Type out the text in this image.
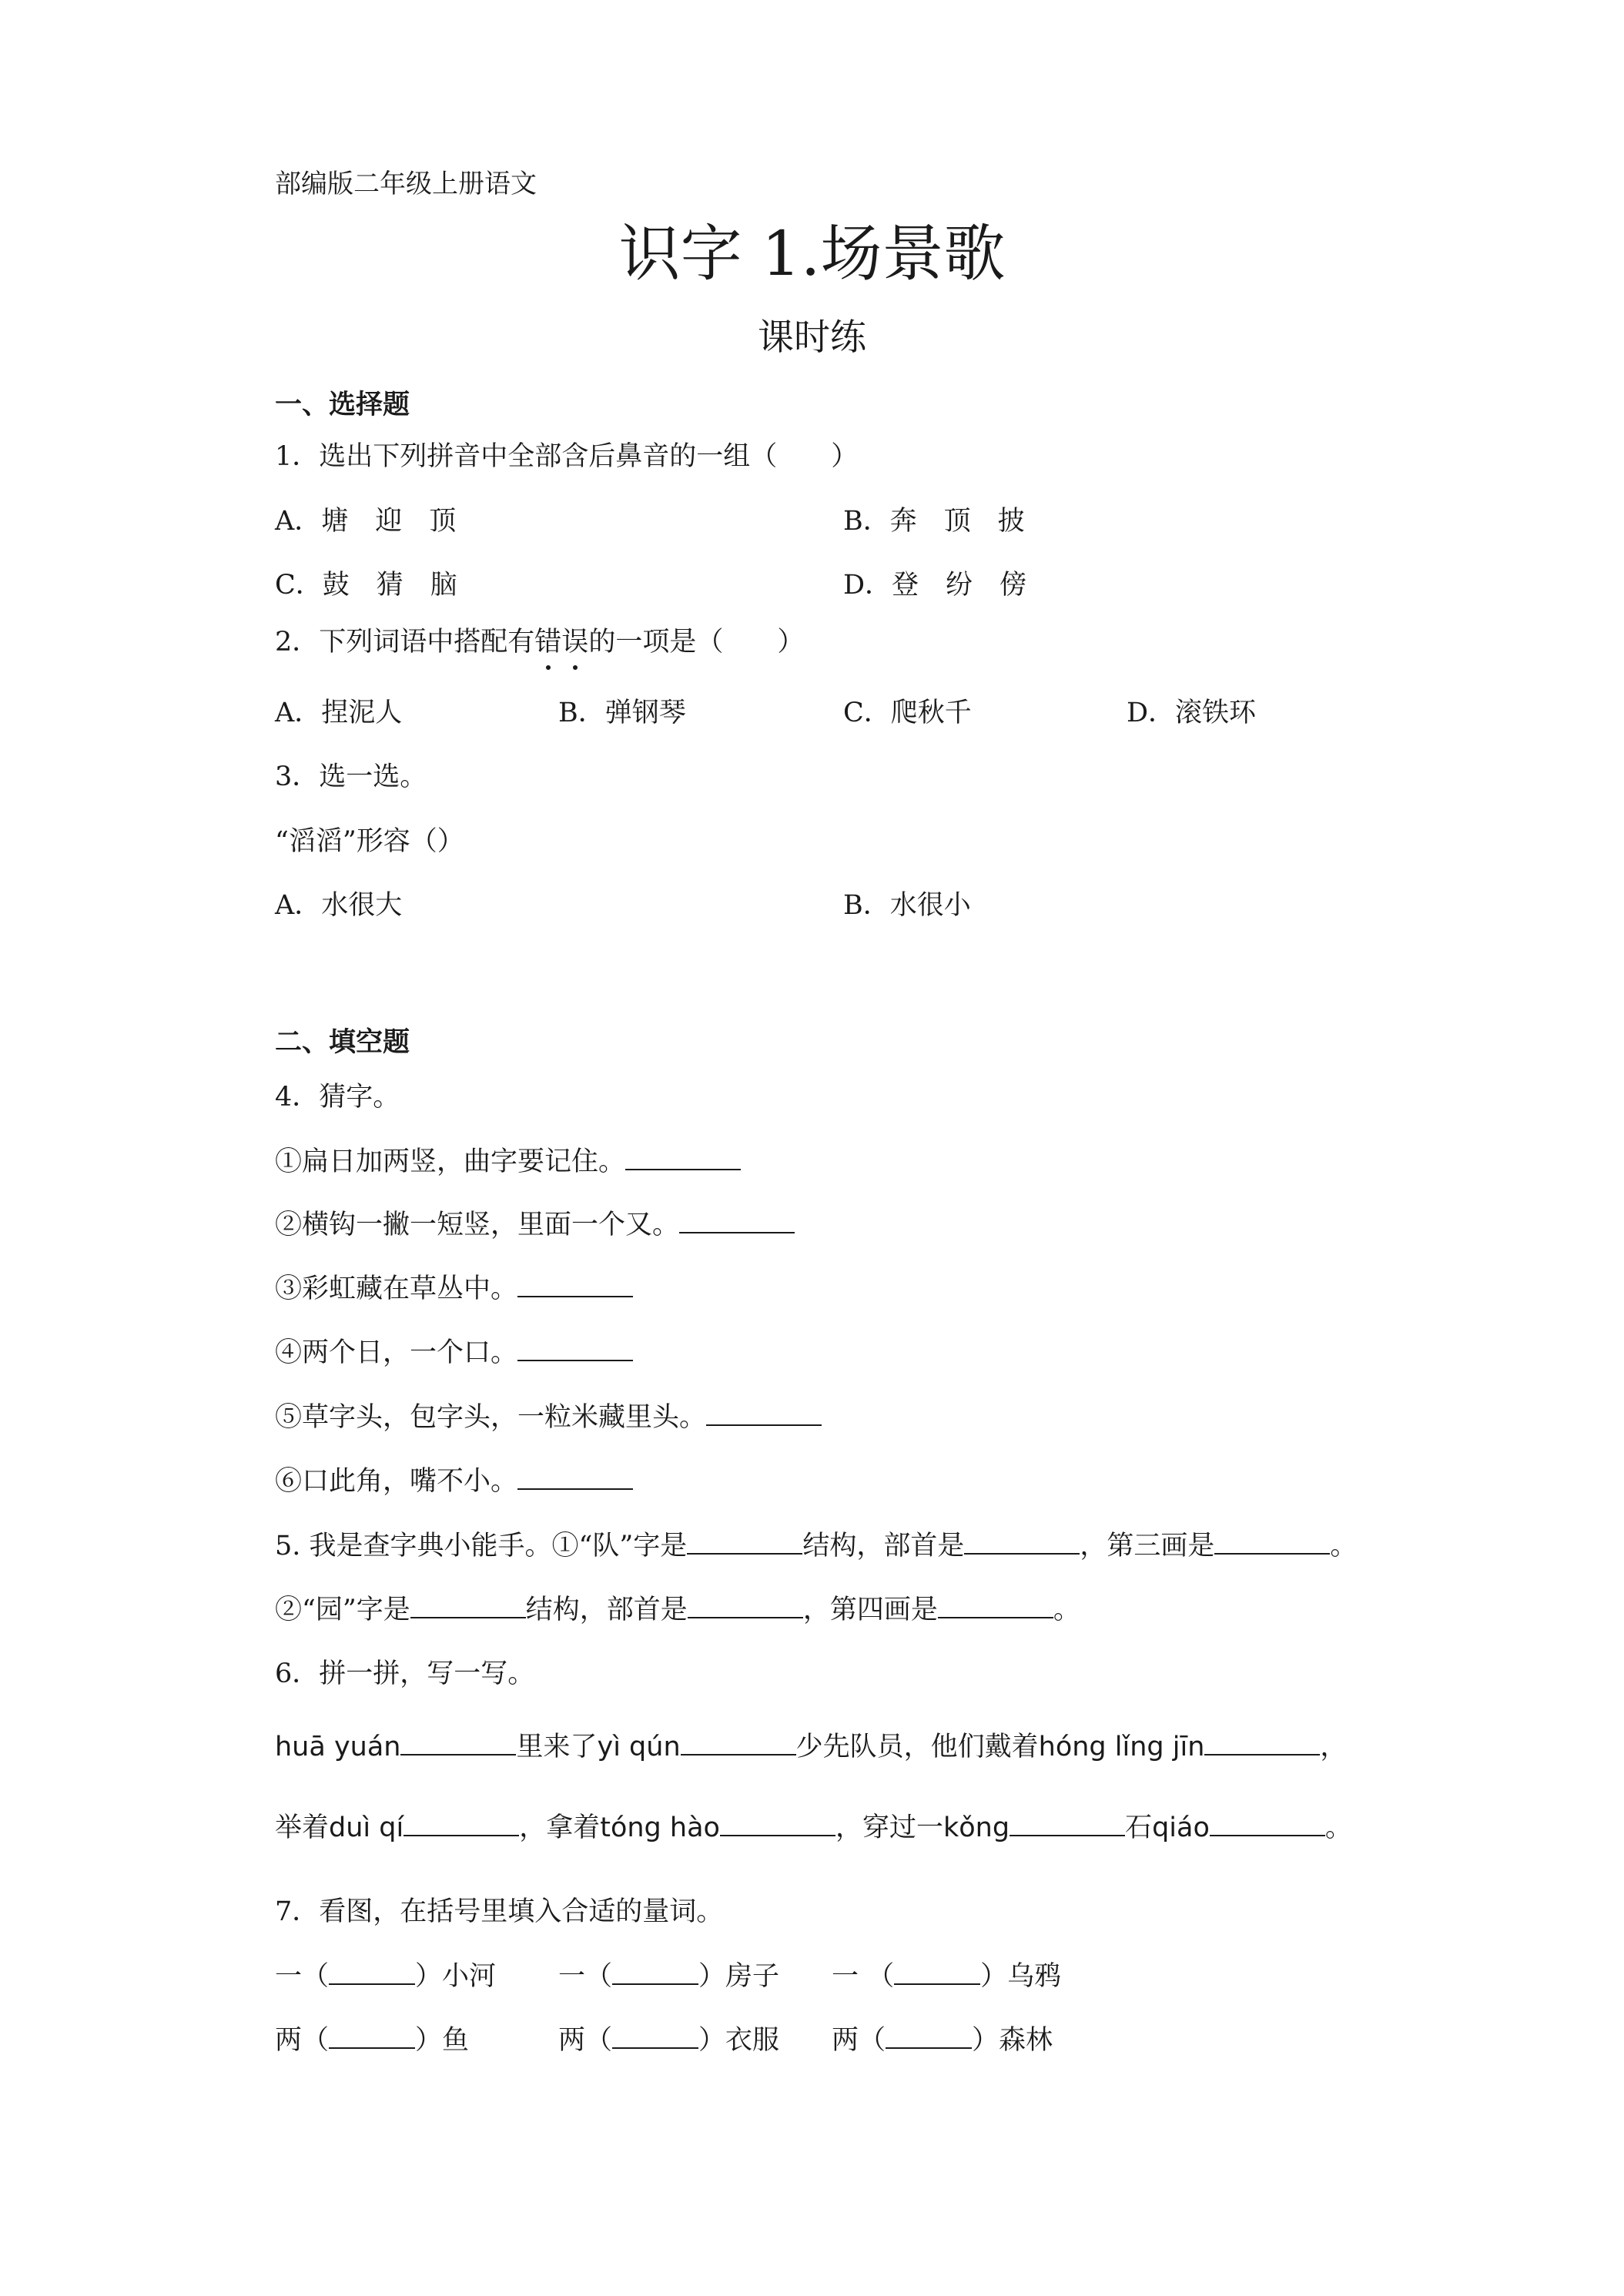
部编版二年级上册语文
识字 1.场景歌
课时练
一、选择题
1．选出下列拼音中全部含后鼻音的一组（　　）
A．塘　迎　顶	B．奔　顶　披
C．鼓　猜　脑	D．登　纷　傍
2．下列词语中搭配有错误的一项是（　　）
A．捏泥人	B．弹钢琴	C．爬秋千	D．滚铁环
3．选一选。
“滔滔”形容（）
A．水很大	B．水很小
二、填空题
4．猜字。
①扁日加两竖，曲字要记住。
②横钩一撇一短竖，里面一个又。
③彩虹藏在草丛中。
④两个日，一个口。
⑤草字头，包字头，一粒米藏里头。
⑥口此角，嘴不小。
5. 我是查字典小能手。①“队”字是	结构，部首是	，第三画是	。
②“园”字是	结构，部首是	，第四画是	。
6．拼一拼，写一写。
huā yuán	里来了yì qún	少先队员，他们戴着hóng lǐng jīn	，
举着duì qí	，拿着tóng hào	，穿过一kǒng	石qiáo	。
7．看图，在括号里填入合适的量词。
一（	）小河 一（	）房子 一 （	）乌鸦
两（	）鱼	两（	）衣服 两（	）森林
